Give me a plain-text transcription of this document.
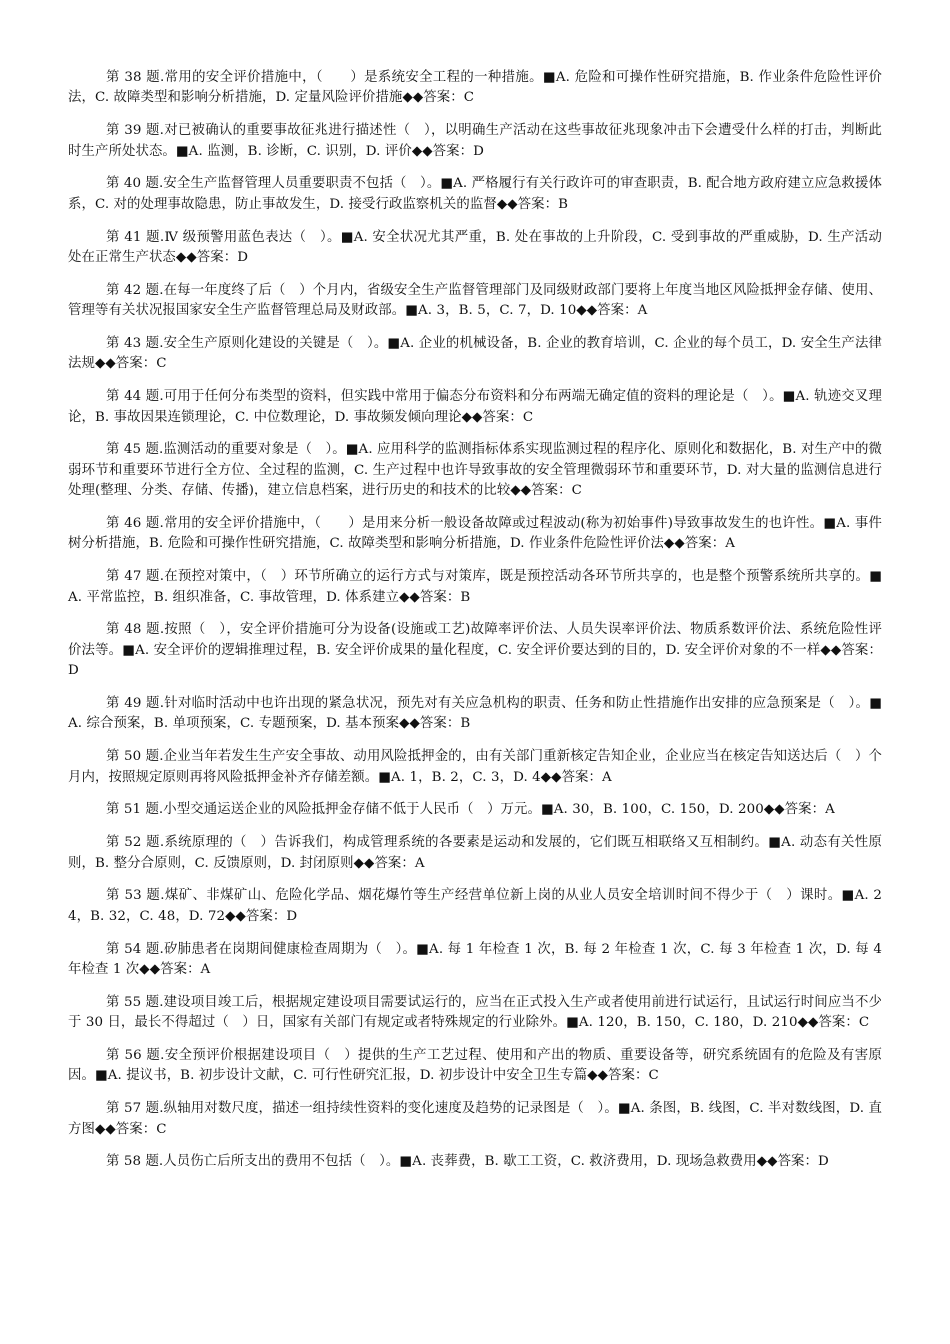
第 38 题.常用的安全评价措施中，（　　）是系统安全工程的一种措施。■A. 危险和可操作性研究措施，B. 作业条件危险性评价法，C. 故障类型和影响分析措施，D. 定量风险评价措施◆◆答案：C

第 39 题.对已被确认的重要事故征兆进行描述性（　），以明确生产活动在这些事故征兆现象冲击下会遭受什么样的打击，判断此时生产所处状态。■A. 监测，B. 诊断，C. 识别，D. 评价◆◆答案：D

第 40 题.安全生产监督管理人员重要职责不包括（　）。■A. 严格履行有关行政许可的审查职责，B. 配合地方政府建立应急救援体系，C. 对的处理事故隐患，防止事故发生，D. 接受行政监察机关的监督◆◆答案：B

第 41 题.Ⅳ 级预警用蓝色表达（　）。■A. 安全状况尤其严重，B. 处在事故的上升阶段，C. 受到事故的严重威胁，D. 生产活动处在正常生产状态◆◆答案：D

第 42 题.在每一年度终了后（　）个月内，省级安全生产监督管理部门及同级财政部门要将上年度当地区风险抵押金存储、使用、管理等有关状况报国家安全生产监督管理总局及财政部。■A. 3，B. 5，C. 7，D. 10◆◆答案：A

第 43 题.安全生产原则化建设的关键是（　）。■A. 企业的机械设备，B. 企业的教育培训，C. 企业的每个员工，D. 安全生产法律法规◆◆答案：C

第 44 题.可用于任何分布类型的资料，但实践中常用于偏态分布资料和分布两端无确定值的资料的理论是（　）。■A. 轨迹交叉理论，B. 事故因果连锁理论，C. 中位数理论，D. 事故频发倾向理论◆◆答案：C

第 45 题.监测活动的重要对象是（　）。■A. 应用科学的监测指标体系实现监测过程的程序化、原则化和数据化，B. 对生产中的微弱环节和重要环节进行全方位、全过程的监测，C. 生产过程中也许导致事故的安全管理微弱环节和重要环节，D. 对大量的监测信息进行处理(整理、分类、存储、传播)，建立信息档案，进行历史的和技术的比较◆◆答案：C

第 46 题.常用的安全评价措施中，（　　）是用来分析一般设备故障或过程波动(称为初始事件)导致事故发生的也许性。■A. 事件树分析措施，B. 危险和可操作性研究措施，C. 故障类型和影响分析措施，D. 作业条件危险性评价法◆◆答案：A

第 47 题.在预控对策中，（　）环节所确立的运行方式与对策库，既是预控活动各环节所共享的，也是整个预警系统所共享的。■A. 平常监控，B. 组织准备，C. 事故管理，D. 体系建立◆◆答案：B

第 48 题.按照（　），安全评价措施可分为设备(设施或工艺)故障率评价法、人员失误率评价法、物质系数评价法、系统危险性评价法等。■A. 安全评价的逻辑推理过程，B. 安全评价成果的量化程度，C. 安全评价要达到的目的，D. 安全评价对象的不一样◆◆答案：D

第 49 题.针对临时活动中也许出现的紧急状况，预先对有关应急机构的职责、任务和防止性措施作出安排的应急预案是（　）。■A. 综合预案，B. 单项预案，C. 专题预案，D. 基本预案◆◆答案：B

第 50 题.企业当年若发生生产安全事故、动用风险抵押金的，由有关部门重新核定告知企业，企业应当在核定告知送达后（　）个月内，按照规定原则再将风险抵押金补齐存储差额。■A. 1，B. 2，C. 3，D. 4◆◆答案：A

第 51 题.小型交通运送企业的风险抵押金存储不低于人民币（　）万元。■A. 30，B. 100，C. 150，D. 200◆◆答案：A

第 52 题.系统原理的（　）告诉我们，构成管理系统的各要素是运动和发展的，它们既互相联络又互相制约。■A. 动态有关性原则，B. 整分合原则，C. 反馈原则，D. 封闭原则◆◆答案：A

第 53 题.煤矿、非煤矿山、危险化学品、烟花爆竹等生产经营单位新上岗的从业人员安全培训时间不得少于（　）课时。■A. 24，B. 32，C. 48，D. 72◆◆答案：D

第 54 题.矽肺患者在岗期间健康检查周期为（　）。■A. 每 1 年检查 1 次，B. 每 2 年检查 1 次，C. 每 3 年检查 1 次，D. 每 4 年检查 1 次◆◆答案：A

第 55 题.建设项目竣工后，根据规定建设项目需要试运行的，应当在正式投入生产或者使用前进行试运行，且试运行时间应当不少于 30 日，最长不得超过（　）日，国家有关部门有规定或者特殊规定的行业除外。■A. 120，B. 150，C. 180，D. 210◆◆答案：C

第 56 题.安全预评价根据建设项目（　）提供的生产工艺过程、使用和产出的物质、重要设备等，研究系统固有的危险及有害原因。■A. 提议书，B. 初步设计文献，C. 可行性研究汇报，D. 初步设计中安全卫生专篇◆◆答案：C

第 57 题.纵轴用对数尺度，描述一组持续性资料的变化速度及趋势的记录图是（　）。■A. 条图，B. 线图，C. 半对数线图，D. 直方图◆◆答案：C

第 58 题.人员伤亡后所支出的费用不包括（　）。■A. 丧葬费，B. 歇工工资，C. 救济费用，D. 现场急救费用◆◆答案：D
